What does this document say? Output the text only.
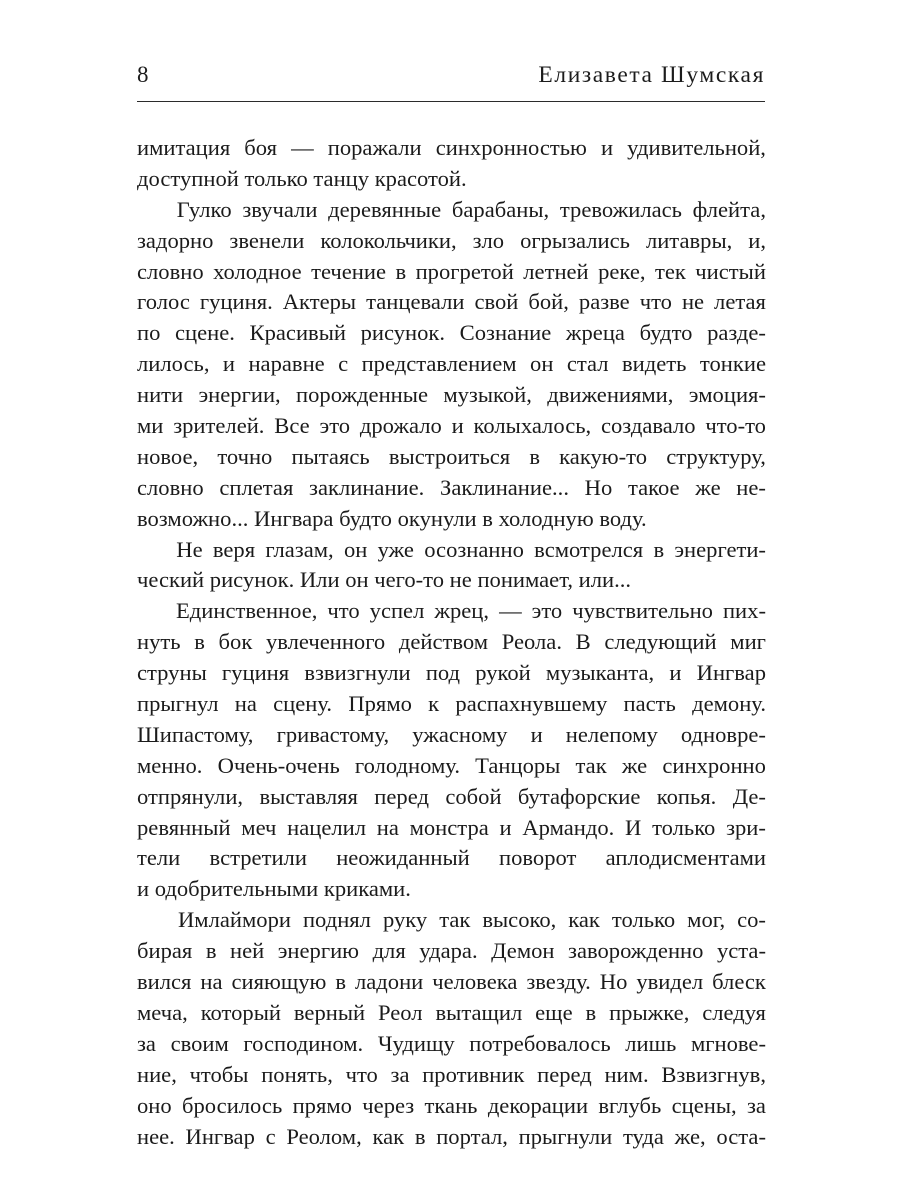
8	Елизавета Шумская
имитация боя — поражали синхронностью и удивительной,
доступной только танцу красотой.
Гулко звучали деревянные барабаны, тревожилась флейта,
задорно звенели колокольчики, зло огрызались литавры, и,
словно холодное течение в прогретой летней реке, тек чистый
голос гуциня. Актеры танцевали свой бой, разве что не летая
по сцене. Красивый рисунок. Сознание жреца будто разде-
лилось, и наравне с представлением он стал видеть тонкие
нити энергии, порожденные музыкой, движениями, эмоция-
ми зрителей. Все это дрожало и колыхалось, создавало что-то
новое, точно пытаясь выстроиться в какую-то структуру,
словно сплетая заклинание. Заклинание... Но такое же не-
возможно... Ингвара будто окунули в холодную воду.
Не веря глазам, он уже осознанно всмотрелся в энергети-
ческий рисунок. Или он чего-то не понимает, или...
Единственное, что успел жрец, — это чувствительно пих-
нуть в бок увлеченного действом Реола. В следующий миг
струны гуциня взвизгнули под рукой музыканта, и Ингвар
прыгнул на сцену. Прямо к распахнувшему пасть демону.
Шипастому, гривастому, ужасному и нелепому одновре-
менно. Очень-очень голодному. Танцоры так же синхронно
отпрянули, выставляя перед собой бутафорские копья. Де-
ревянный меч нацелил на монстра и Армандо. И только зри-
тели встретили неожиданный поворот аплодисментами
и одобрительными криками.
Имлаймори поднял руку так высоко, как только мог, со-
бирая в ней энергию для удара. Демон заворожденно уста-
вился на сияющую в ладони человека звезду. Но увидел блеск
меча, который верный Реол вытащил еще в прыжке, следуя
за своим господином. Чудищу потребовалось лишь мгнове-
ние, чтобы понять, что за противник перед ним. Взвизгнув,
оно бросилось прямо через ткань декорации вглубь сцены, за
нее. Ингвар с Реолом, как в портал, прыгнули туда же, оста-
